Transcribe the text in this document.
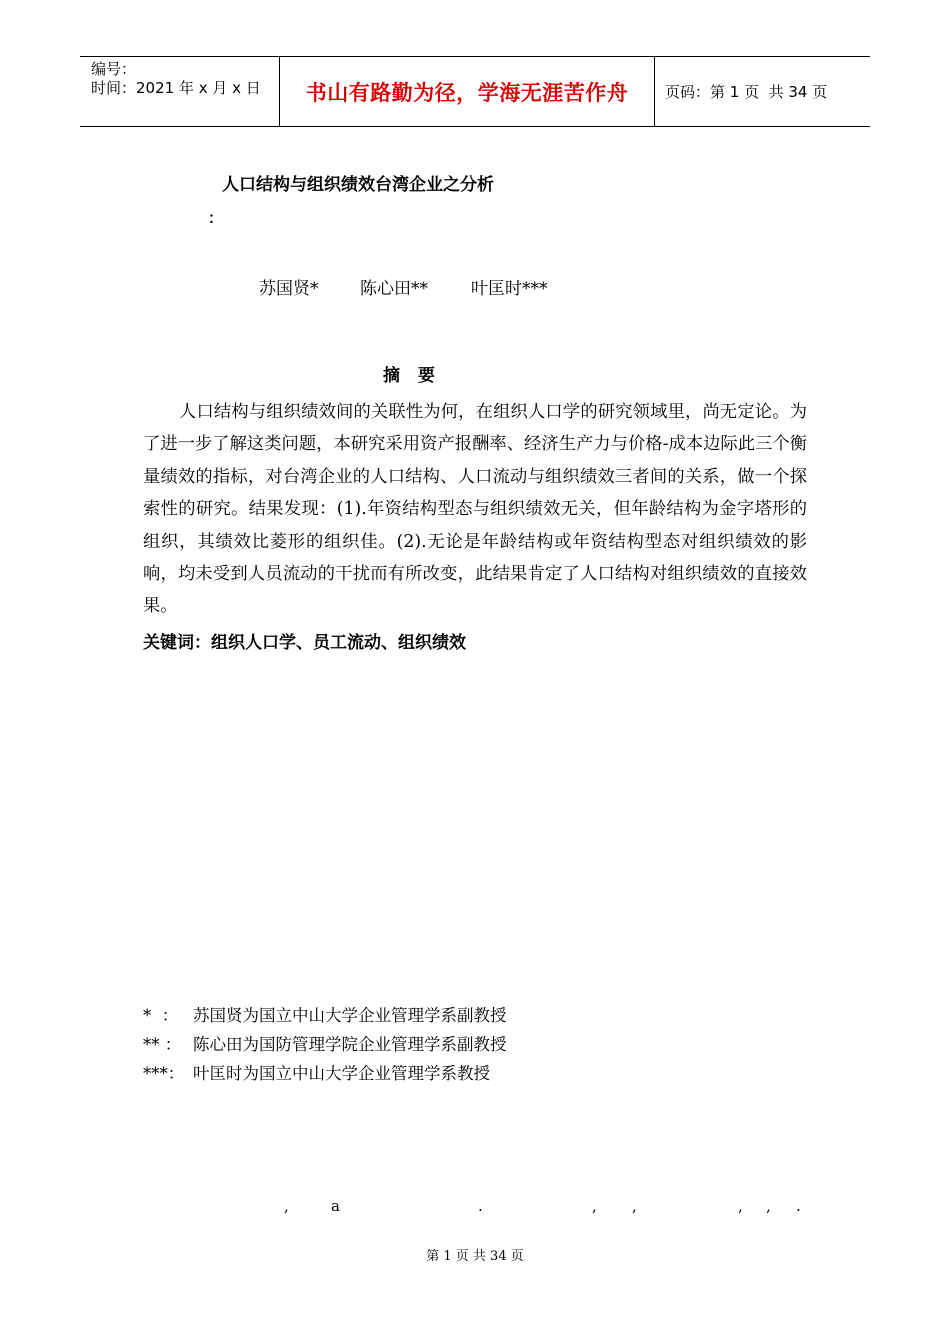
编号：
时间：2021 年 x 月 x 日	书山有路勤为径，学海无涯苦作舟	页码：第 1 页  共 34 页
人口结构与组织绩效台湾企业之分析
：
苏国贤*	陈心田**	叶匡时***
摘 要
人口结构与组织绩效间的关联性为何，在组织人口学的研究领域里，尚无定论。为了进一步了解这类问题，本研究采用资产报酬率、经济生产力与价格-成本边际此三个衡量绩效的指标，对台湾企业的人口结构、人口流动与组织绩效三者间的关系，做一个探索性的研究。结果发现：(1).年资结构型态与组织绩效无关，但年龄结构为金字塔形的组织，其绩效比菱形的组织佳。(2).无论是年龄结构或年资结构型态对组织绩效的影响，均未受到人员流动的干扰而有所改变，此结果肯定了人口结构对组织绩效的直接效果。
关键词：组织人口学、员工流动、组织绩效
*  ： 苏国贤为国立中山大学企业管理学系副教授
** ： 陈心田为国防管理学院企业管理学系副教授
***： 叶匡时为国立中山大学企业管理学系教授
,	a	.	, ,	, , .
第 1 页 共 34 页
